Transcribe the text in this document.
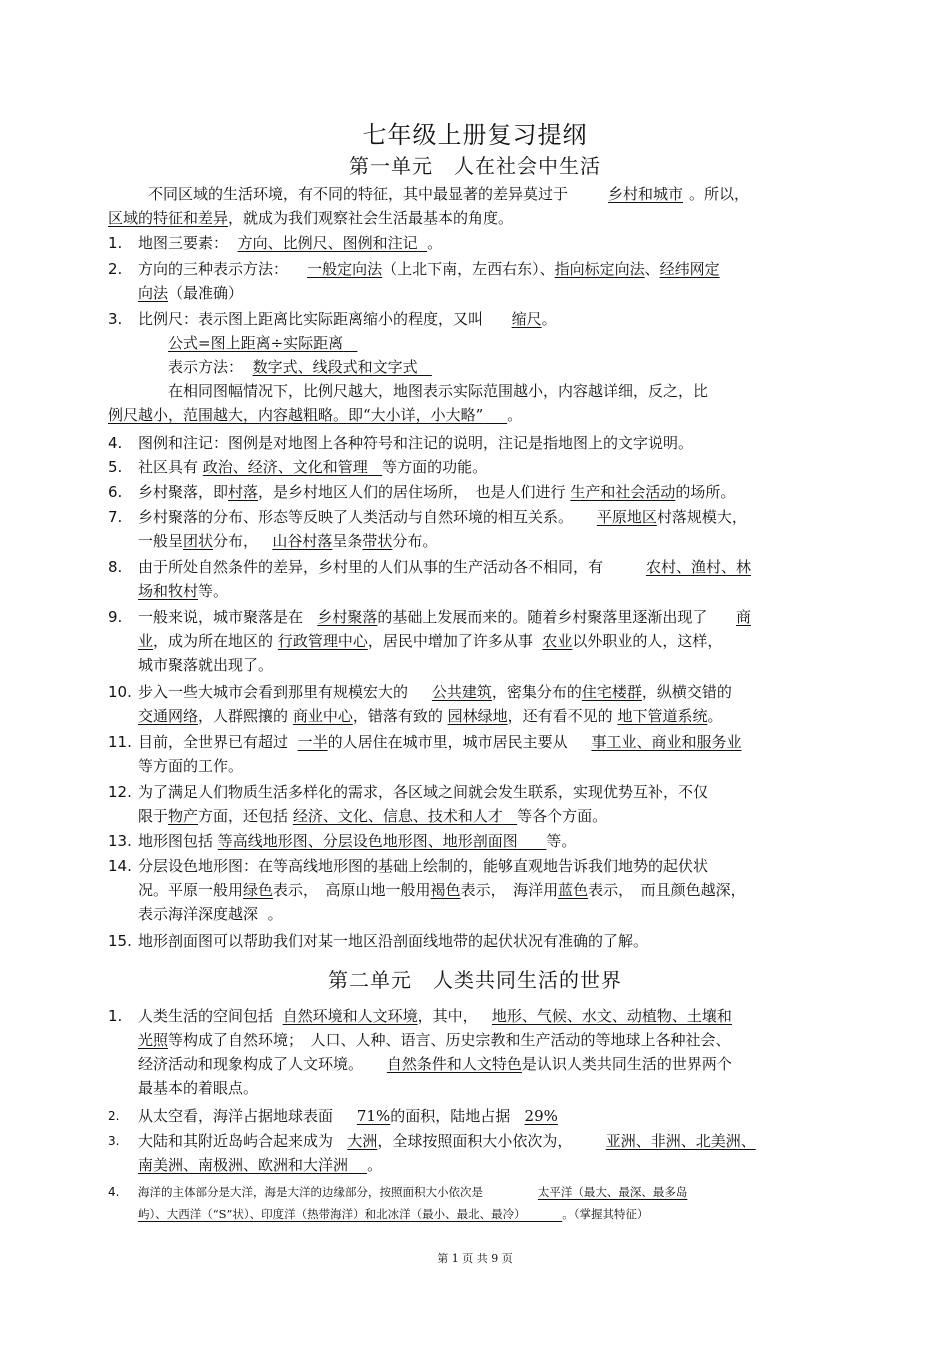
七年级上册复习提纲
第一单元　人在社会中生活
不同区域的生活环境，有不同的特征，其中最显著的差异莫过于	乡村和城市 。所以，
区域的特征和差异，就成为我们观察社会生活最基本的角度。
1. 地图三要素： 方向、比例尺、图例和注记 。
2. 方向的三种表示方法： 一般定向法（上北下南，左西右东）、指向标定向法、经纬网定
向法（最准确）
3. 比例尺：表示图上距离比实际距离缩小的程度，又叫 缩尺。
公式=图上距离÷实际距离
表示方法： 数字式、线段式和文字式
在相同图幅情况下，比例尺越大，地图表示实际范围越小，内容越详细，反之，比
例尺越小，范围越大，内容越粗略。即“大小详，小大略” 。
4. 图例和注记：图例是对地图上各种符号和注记的说明，注记是指地图上的文字说明。
5. 社区具有 政治、经济、文化和管理 等方面的功能。
6. 乡村聚落，即村落，是乡村地区人们的居住场所，　也是人们进行 生产和社会活动的场所。
7. 乡村聚落的分布、形态等反映了人类活动与自然环境的相互关系。 平原地区村落规模大，
一般呈团状分布， 山谷村落呈条带状分布。
8. 由于所处自然条件的差异，乡村里的人们从事的生产活动各不相同，有	农村、渔村、林
场和牧村等。
9. 一般来说，城市聚落是在 乡村聚落的基础上发展而来的。随着乡村聚落里逐渐出现了 商
业，成为所在地区的 行政管理中心，居民中增加了许多从事 农业以外职业的人，这样，
城市聚落就出现了。
10. 步入一些大城市会看到那里有规模宏大的 公共建筑，密集分布的住宅楼群，纵横交错的
交通网络，人群熙攘的 商业中心，错落有致的 园林绿地，还有看不见的 地下管道系统。
11. 目前，全世界已有超过 一半的人居住在城市里，城市居民主要从 事工业、商业和服务业
等方面的工作。
12. 为了满足人们物质生活多样化的需求，各区域之间就会发生联系，实现优势互补，不仅
限于物产方面，还包括 经济、文化、信息、技术和人才 等各个方面。
13. 地形图包括 等高线地形图、分层设色地形图、地形剖面图 等。
14. 分层设色地形图：在等高线地形图的基础上绘制的，能够直观地告诉我们地势的起伏状
况。平原一般用绿色表示，　高原山地一般用褐色表示，　海洋用蓝色表示，　而且颜色越深，
表示海洋深度越深 。
15. 地形剖面图可以帮助我们对某一地区沿剖面线地带的起伏状况有准确的了解。
第二单元　人类共同生活的世界
1. 人类生活的空间包括 自然环境和人文环境，其中， 地形、气候、水文、动植物、土壤和
光照等构成了自然环境；　人口、人种、语言、历史宗教和生产活动的等地球上各种社会、
经济活动和现象构成了人文环境。 自然条件和人文特色是认识人类共同生活的世界两个
最基本的着眼点。
2. 从太空看，海洋占据地球表面 71%的面积，陆地占据 29%
3. 大陆和其附近岛屿合起来成为 大洲，全球按照面积大小依次为， 亚洲、非洲、北美洲、
南美洲、南极洲、欧洲和大洋洲 。
4. 海洋的主体部分是大洋，海是大洋的边缘部分，按照面积大小依次是	太平洋（最大、最深、最多岛
屿）、大西洋（“S”状）、印度洋（热带海洋）和北冰洋（最小、最北、最冷）	。（掌握其特征）
第 1 页 共 9 页
